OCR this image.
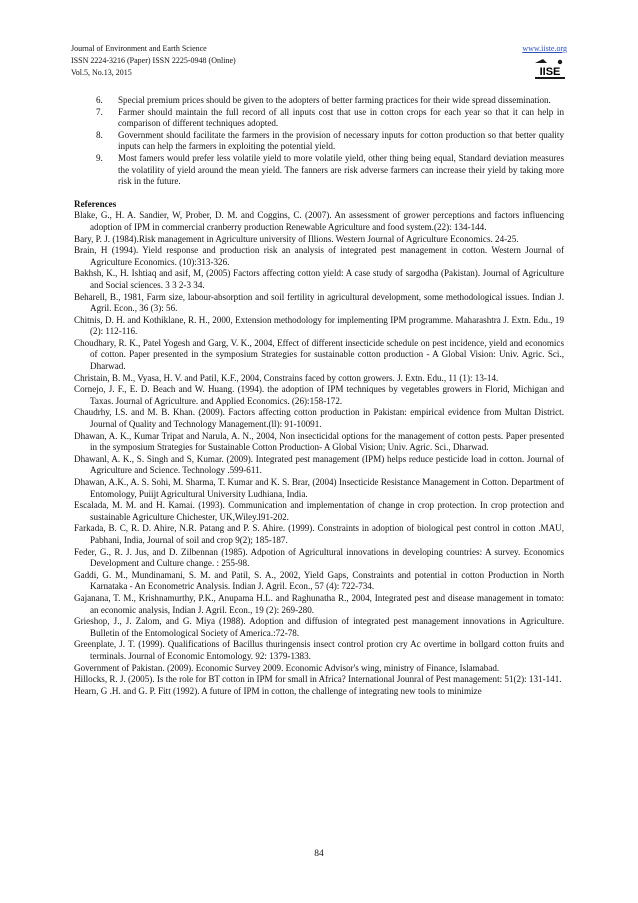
Journal of Environment and Earth Science
ISSN 2224-3216 (Paper) ISSN 2225-0948 (Online)
Vol.5, No.13, 2015
www.iiste.org
IISE
6. Special premium prices should be given to the adopters of better farming practices for their wide spread dissemination.
7. Farmer should maintain the full record of all inputs cost that use in cotton crops for each year so that it can help in comparison of different techniques adopted.
8. Government should facilitate the farmers in the provision of necessary inputs for cotton production so that better quality inputs can help the farmers in exploiting the potential yield.
9. Most famers would prefer less volatile yield to more volatile yield, other thing being equal, Standard deviation measures the volatility of yield around the mean yield. The fanners are risk adverse farmers can increase their yield by taking more risk in the future.
References
Blake, G., H. A. Sandier, W, Prober, D. M. and Coggins, C. (2007). An assessment of grower perceptions and factors influencing adoption of IPM in commercial cranberry production Renewable Agriculture and food system.(22): 134-144.
Bary, P. J. (1984).Risk management in Agriculture university of Illions. Western Journal of Agriculture Economics. 24-25.
Brain, H (1994). Yield response and production risk an analysis of integrated pest management in cotton. Western Journal of Agriculture Economics. (10):313-326.
Bakhsh, K., H. Ishtiaq and asif, M, (2005) Factors affecting cotton yield: A case study of sargodha (Pakistan). Journal of Agriculture and Social sciences. 3 3 2-3 34.
Beharell, B., 1981, Farm size, labour-absorption and soil fertility in agricultural development, some methodological issues. Indian J. Agril. Econ., 36 (3): 56.
Chitnis, D. H. and Kothiklane, R. H., 2000, Extension methodology for implementing IPM programme. Maharashtra J. Extn. Edu., 19 (2): 112-116.
Choudhary, R. K., Patel Yogesh and Garg, V. K., 2004, Effect of different insecticide schedule on pest incidence, yield and economics of cotton. Paper presented in the symposium Strategies for sustainable cotton production - A Global Vision: Univ. Agric. Sci., Dharwad.
Christain, B. M., Vyasa, H. V. and Patil, K.F., 2004, Constrains faced by cotton growers. J. Extn. Edu., 11 (1): 13-14.
Cornejo, J. F., E. D. Beach and W. Huang. (1994). the adoption of IPM techniques by vegetables growers in Florid, Michigan and Taxas. Journal of Agriculture. and Applied Economics. (26):158-172.
Chaudrhy, I.S. and M. B. Khan. (2009). Factors affecting cotton production in Pakistan: empirical evidence from Multan District. Journal of Quality and Technology Management.(ll): 91-10091.
Dhawan, A. K., Kumar Tripat and Narula, A. N., 2004, Non insecticidal options for the management of cotton pests. Paper presented in the symposium Strategies for Sustainable Cotton Production- A Global Vision; Univ. Agric. Sci., Dharwad.
Dhawanl, A. K., S. Singh and S, Kumar. (2009). Integrated pest management (IPM) helps reduce pesticide load in cotton. Journal of Agriculture and Science. Technology .599-611.
Dhawan, A.K., A. S. Sohi, M. Sharma, T. Kumar and K. S. Brar, (2004) Insecticide Resistance Management in Cotton. Department of Entomology, Puiijt Agricultural University Ludhiana, India.
Escalada, M. M. and H. Kamai. (1993). Communication and implementation of change in crop protection. In crop protection and sustainable Agriculture Chichester, UK,Wiley.l91-202.
Farkada, B. C, R. D. Ahire, N.R. Patang and P. S. Ahire. (1999). Constraints in adoption of biological pest control in cotton .MAU, Pabhani, India, Journal of soil and crop 9(2); 185-187.
Feder, G., R. J. Jus, and D. Zilbennan (1985). Adpotion of Agricultural innovations in developing countries: A survey. Economics Development and Culture change. : 255-98.
Gaddi, G. M., Mundinamani, S. M. and Patil, S. A., 2002, Yield Gaps, Constraints and potential in cotton Production in North Karnataka - An Econometric Analysis. Indian J. Agril. Econ., 57 (4): 722-734.
Gajanana, T. M., Krishnamurthy, P.K., Anupama H.L. and Raghunatha R., 2004, Integrated pest and disease management in tomato: an economic analysis, Indian J. Agril. Econ., 19 (2): 269-280.
Grieshop, J., J. Zalom, and G. Miya (1988). Adoption and diffusion of integrated pest management innovations in Agriculture. Bulletin of the Entomological Society of America.:72-78.
Greenplate, J. T. (1999). Qualifications of Bacillus thuringensis insect control protion cry Ac overtime in bollgard cotton fruits and terminals. Journal of Economic Entomology. 92: 1379-1383.
Government of Pakistan. (2009). Economic Survey 2009. Economic Advisor's wing, ministry of Finance, Islamabad.
Hillocks, R. J. (2005). Is the role for BT cotton in IPM for small in Africa? International Jounral of Pest management: 51(2): 131-141.
Hearn, G .H. and G. P. Fitt (1992). A future of IPM in cotton, the challenge of integrating new tools to minimize
84
